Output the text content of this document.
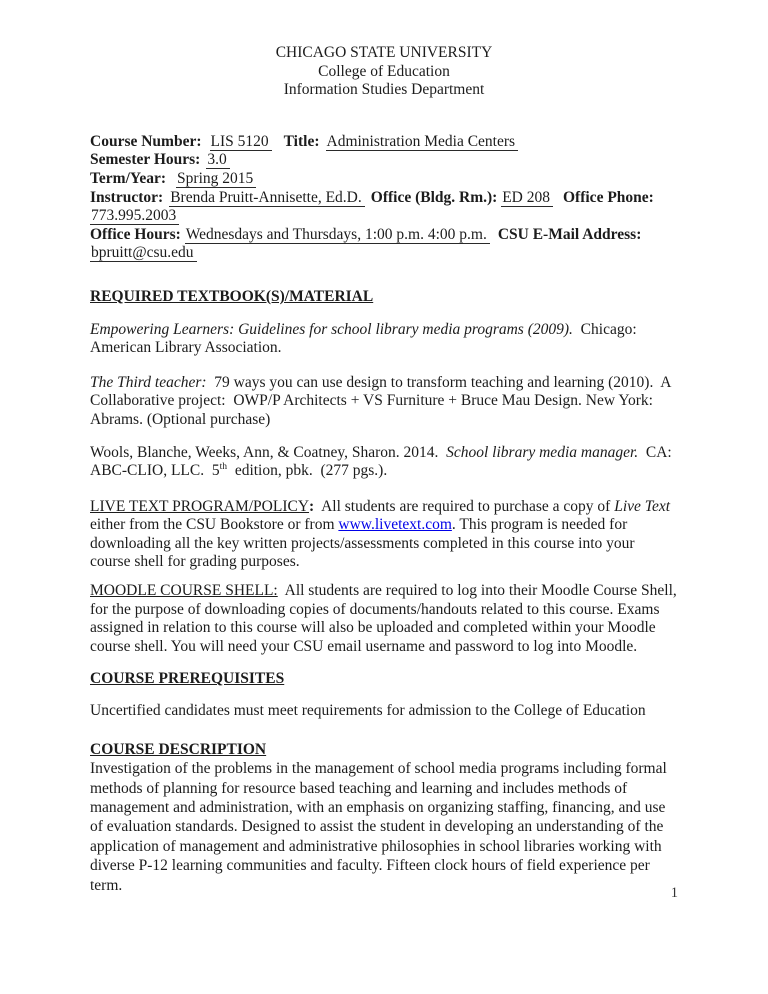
CHICAGO STATE UNIVERSITY
College of Education
Information Studies Department

Course Number: LIS 5120 Title: Administration Media Centers

Semester Hours: 3.0

Term/Year: Spring 2015

Instructor: Brenda Pruitt-Annisette, Ed.D. Office (Bldg. Rm.): ED 208 Office Phone: 773.995.2003

Office Hours: Wednesdays and Thursdays, 1:00 p.m. 4:00 p.m. CSU E-Mail Address: bpruitt@csu.edu

REQUIRED TEXTBOOK(S)/MATERIAL

Empowering Learners: Guidelines for school library media programs (2009).  Chicago: American Library Association.

The Third teacher:  79 ways you can use design to transform teaching and learning (2010).  A Collaborative project:  OWP/P Architects + VS Furniture + Bruce Mau Design. New York: Abrams. (Optional purchase)

Wools, Blanche, Weeks, Ann, & Coatney, Sharon. 2014.  School library media manager.  CA: ABC-CLIO, LLC.  5th  edition, pbk.  (277 pgs.).

LIVE TEXT PROGRAM/POLICY:  All students are required to purchase a copy of Live Text either from the CSU Bookstore or from www.livetext.com. This program is needed for downloading all the key written projects/assessments completed in this course into your course shell for grading purposes.

MOODLE COURSE SHELL:  All students are required to log into their Moodle Course Shell, for the purpose of downloading copies of documents/handouts related to this course. Exams assigned in relation to this course will also be uploaded and completed within your Moodle course shell. You will need your CSU email username and password to log into Moodle.

COURSE PREREQUISITES

Uncertified candidates must meet requirements for admission to the College of Education

COURSE DESCRIPTION

Investigation of the problems in the management of school media programs including formal methods of planning for resource based teaching and learning and includes methods of management and administration, with an emphasis on organizing staffing, financing, and use of evaluation standards. Designed to assist the student in developing an understanding of the application of management and administrative philosophies in school libraries working with diverse P-12 learning communities and faculty. Fifteen clock hours of field experience per term.	1
